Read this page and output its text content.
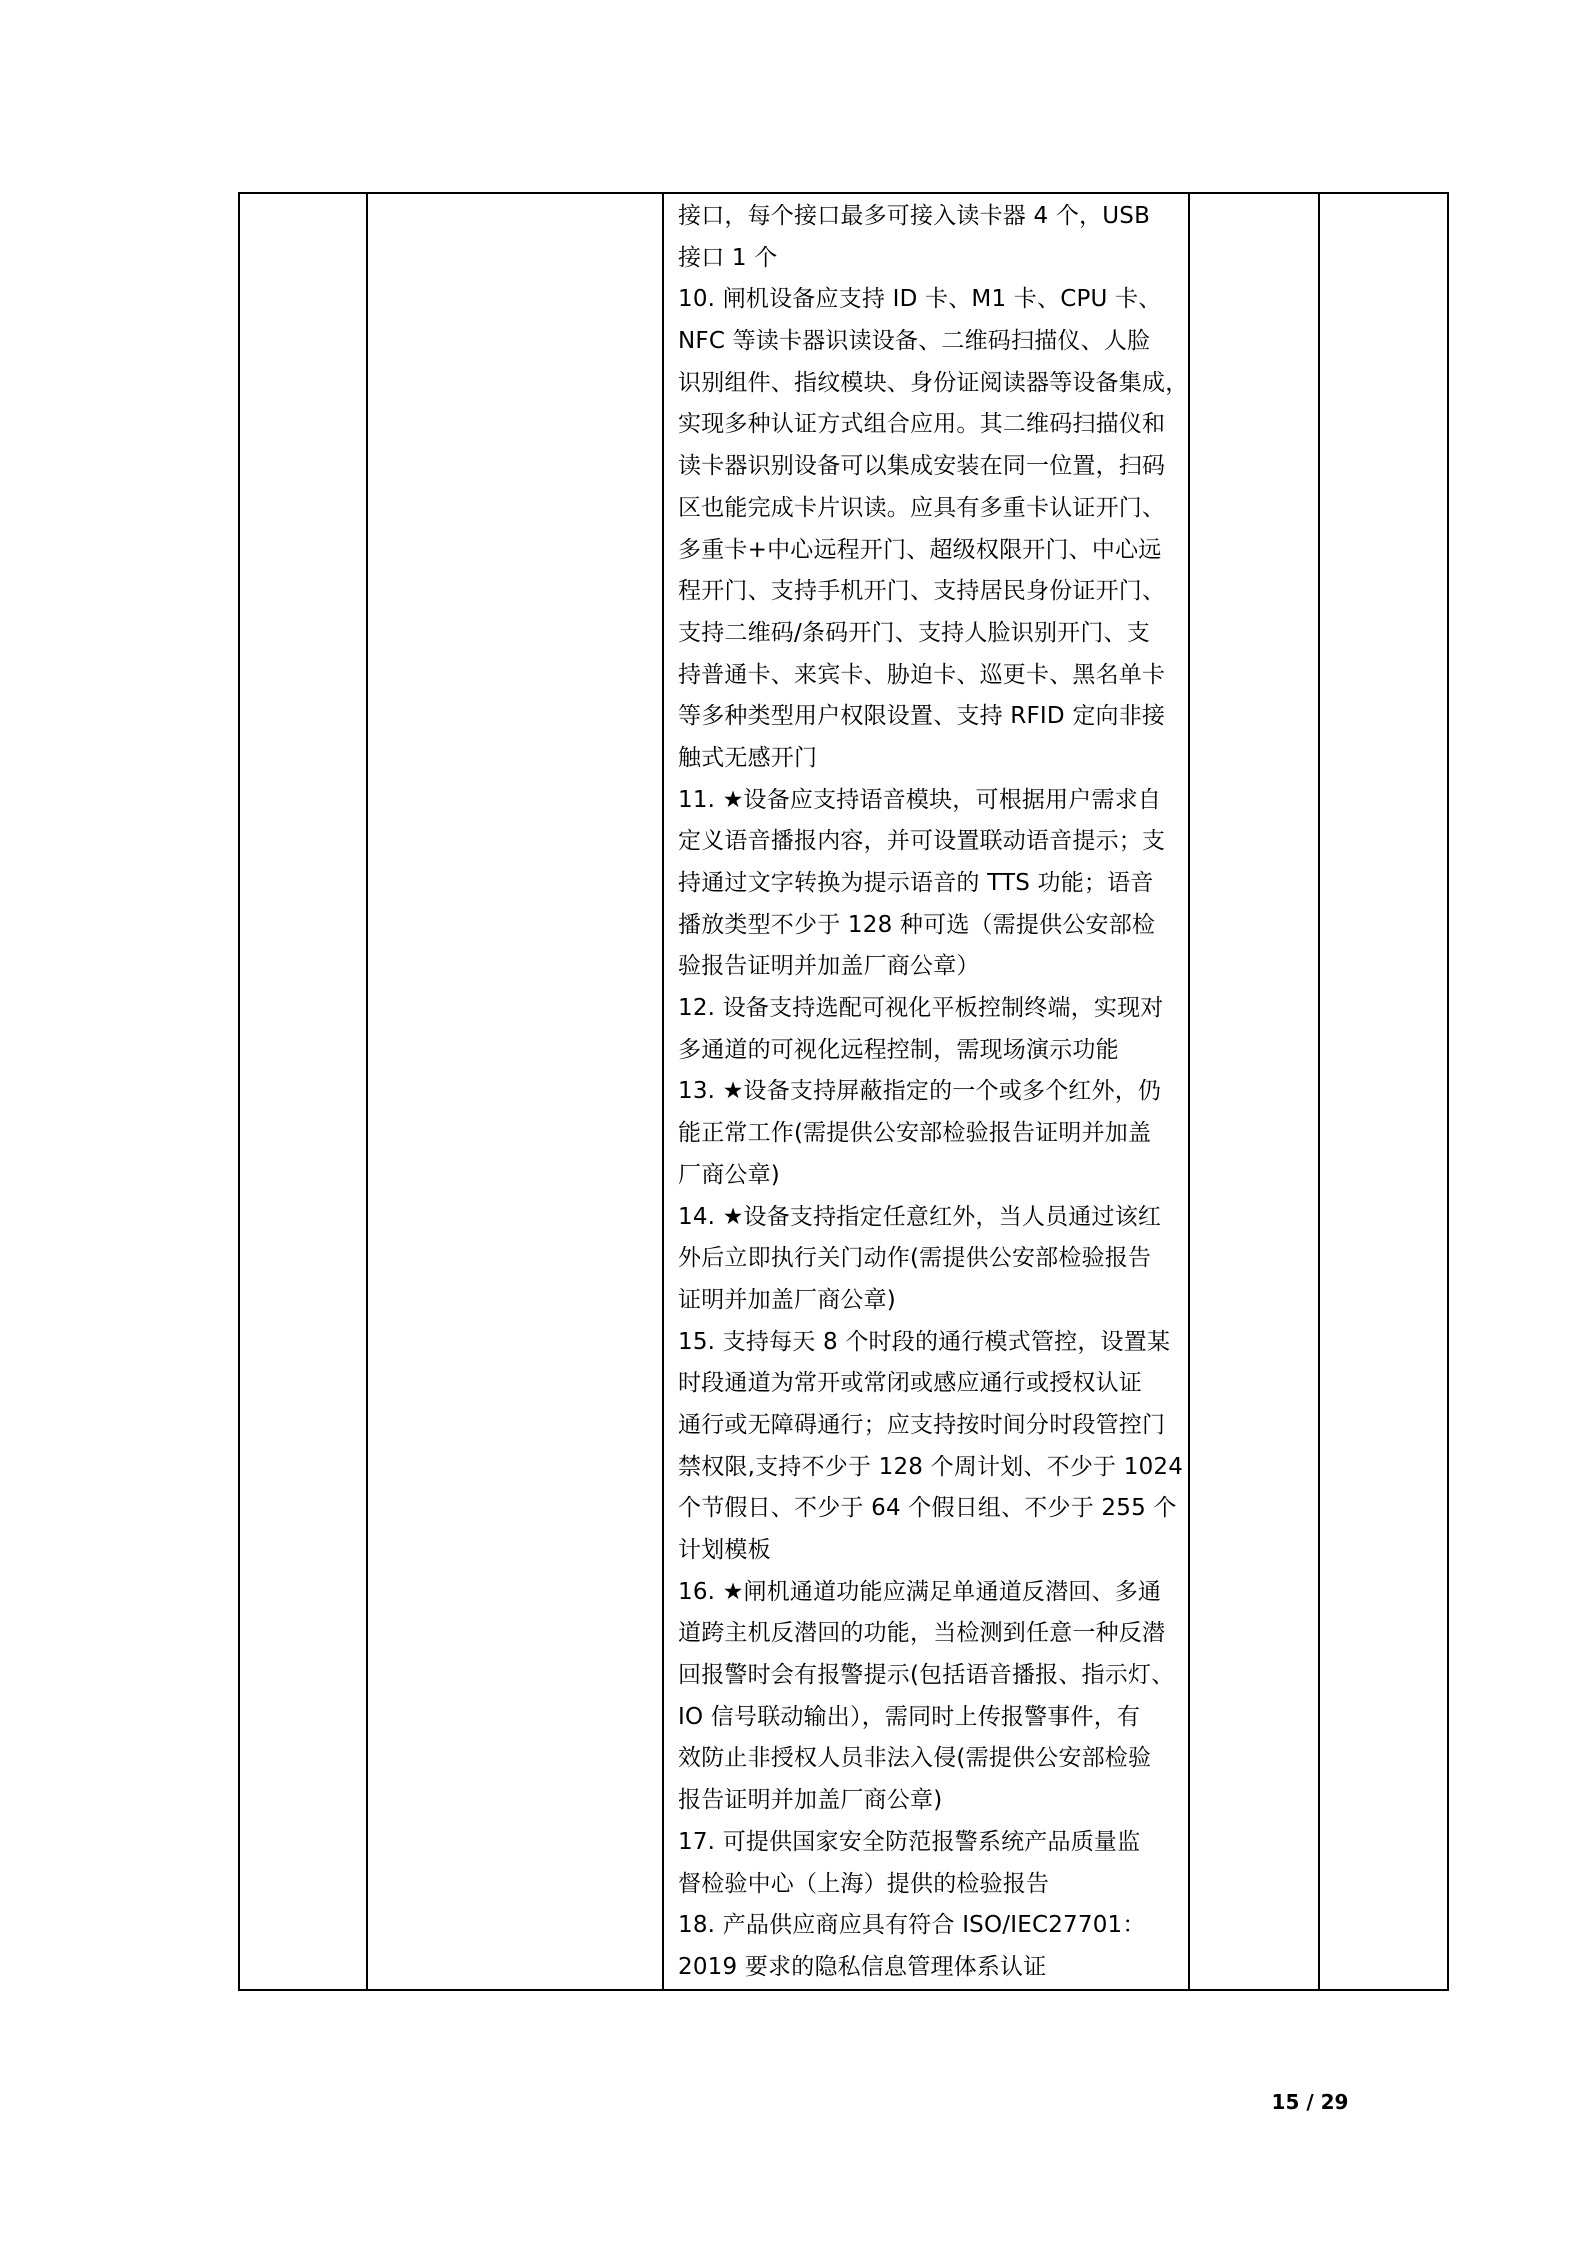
接口，每个接口最多可接入读卡器 4 个，USB
接口 1 个
10. 闸机设备应支持 ID 卡、M1 卡、CPU 卡、
NFC 等读卡器识读设备、二维码扫描仪、人脸
识别组件、指纹模块、身份证阅读器等设备集成，
实现多种认证方式组合应用。其二维码扫描仪和
读卡器识别设备可以集成安装在同一位置，扫码
区也能完成卡片识读。应具有多重卡认证开门、
多重卡+中心远程开门、超级权限开门、中心远
程开门、支持手机开门、支持居民身份证开门、
支持二维码/条码开门、支持人脸识别开门、支
持普通卡、来宾卡、胁迫卡、巡更卡、黑名单卡
等多种类型用户权限设置、支持 RFID 定向非接
触式无感开门
11. ★设备应支持语音模块，可根据用户需求自
定义语音播报内容，并可设置联动语音提示；支
持通过文字转换为提示语音的 TTS 功能；语音
播放类型不少于 128 种可选（需提供公安部检
验报告证明并加盖厂商公章）
12. 设备支持选配可视化平板控制终端，实现对
多通道的可视化远程控制，需现场演示功能
13. ★设备支持屏蔽指定的一个或多个红外，仍
能正常工作(需提供公安部检验报告证明并加盖
厂商公章)
14. ★设备支持指定任意红外，当人员通过该红
外后立即执行关门动作(需提供公安部检验报告
证明并加盖厂商公章)
15. 支持每天 8 个时段的通行模式管控，设置某
时段通道为常开或常闭或感应通行或授权认证
通行或无障碍通行；应支持按时间分时段管控门
禁权限,支持不少于 128 个周计划、不少于 1024
个节假日、不少于 64 个假日组、不少于 255 个
计划模板
16. ★闸机通道功能应满足单通道反潜回、多通
道跨主机反潜回的功能，当检测到任意一种反潜
回报警时会有报警提示(包括语音播报、指示灯、
IO 信号联动输出），需同时上传报警事件，有
效防止非授权人员非法入侵(需提供公安部检验
报告证明并加盖厂商公章)
17. 可提供国家安全防范报警系统产品质量监
督检验中心（上海）提供的检验报告
18. 产品供应商应具有符合 ISO/IEC27701：
2019 要求的隐私信息管理体系认证

15 / 29
